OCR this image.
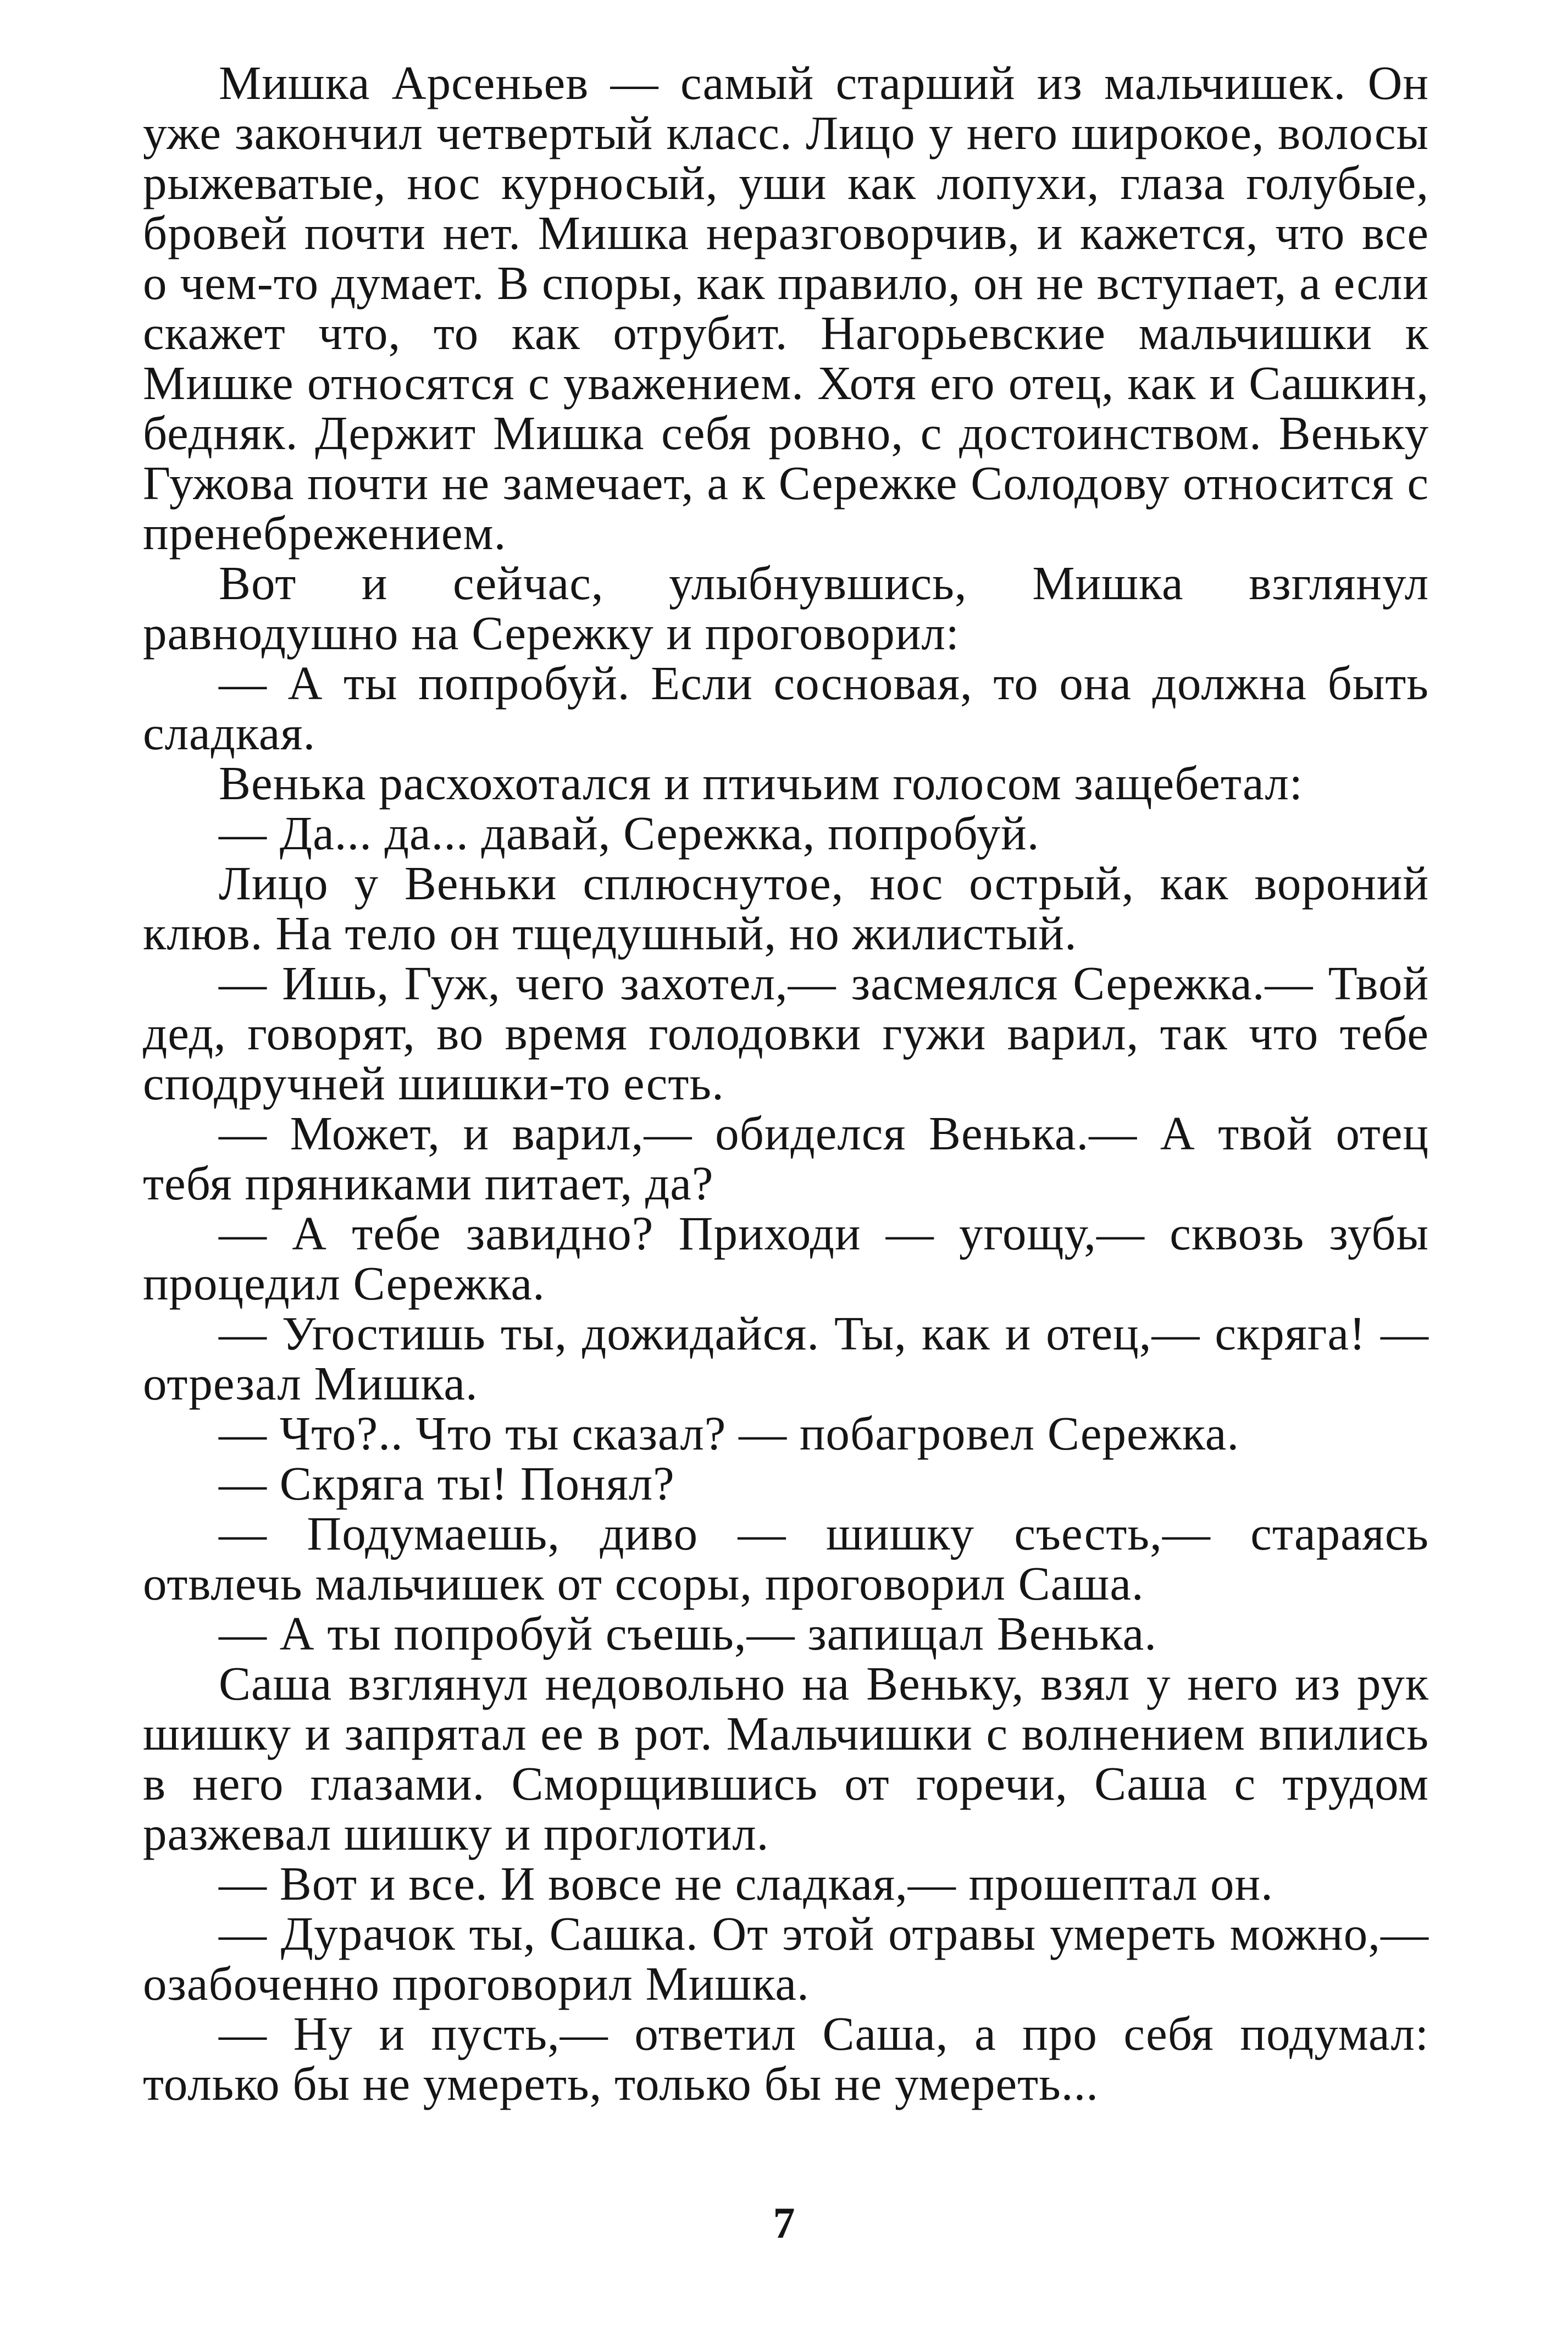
Мишка Арсеньев — самый старший из мальчишек. Он уже закончил четвертый класс. Лицо у него широкое, волосы рыжеватые, нос курносый, уши как лопухи, глаза голубые, бровей почти нет. Мишка неразговорчив, и кажется, что все о чем-то думает. В споры, как правило, он не вступает, а если скажет что, то как отрубит. Нагорьевские мальчишки к Мишке относятся с уважением. Хотя его отец, как и Сашкин, бедняк. Держит Мишка себя ровно, с достоинством. Веньку Гужова почти не замечает, а к Сережке Солодову относится с пренебрежением.

Вот и сейчас, улыбнувшись, Мишка взглянул равнодушно на Сережку и проговорил:

— А ты попробуй. Если сосновая, то она должна быть сладкая.

Венька расхохотался и птичьим голосом защебетал:

— Да... да... давай, Сережка, попробуй.

Лицо у Веньки сплюснутое, нос острый, как вороний клюв. На тело он тщедушный, но жилистый.

— Ишь, Гуж, чего захотел,— засмеялся Сережка.— Твой дед, говорят, во время голодовки гужи варил, так что тебе сподручней шишки-то есть.

— Может, и варил,— обиделся Венька.— А твой отец тебя пряниками питает, да?

— А тебе завидно? Приходи — угощу,— сквозь зубы процедил Сережка.

— Угостишь ты, дожидайся. Ты, как и отец,— скряга! — отрезал Мишка.

— Что?.. Что ты сказал? — побагровел Сережка.

— Скряга ты! Понял?

— Подумаешь, диво — шишку съесть,— стараясь отвлечь мальчишек от ссоры, проговорил Саша.

— А ты попробуй съешь,— запищал Венька.

Саша взглянул недовольно на Веньку, взял у него из рук шишку и запрятал ее в рот. Мальчишки с волнением впились в него глазами. Сморщившись от горечи, Саша с трудом разжевал шишку и проглотил.

— Вот и все. И вовсе не сладкая,— прошептал он.

— Дурачок ты, Сашка. От этой отравы умереть можно,— озабоченно проговорил Мишка.

— Ну и пусть,— ответил Саша, а про себя подумал: только бы не умереть, только бы не умереть...

7
